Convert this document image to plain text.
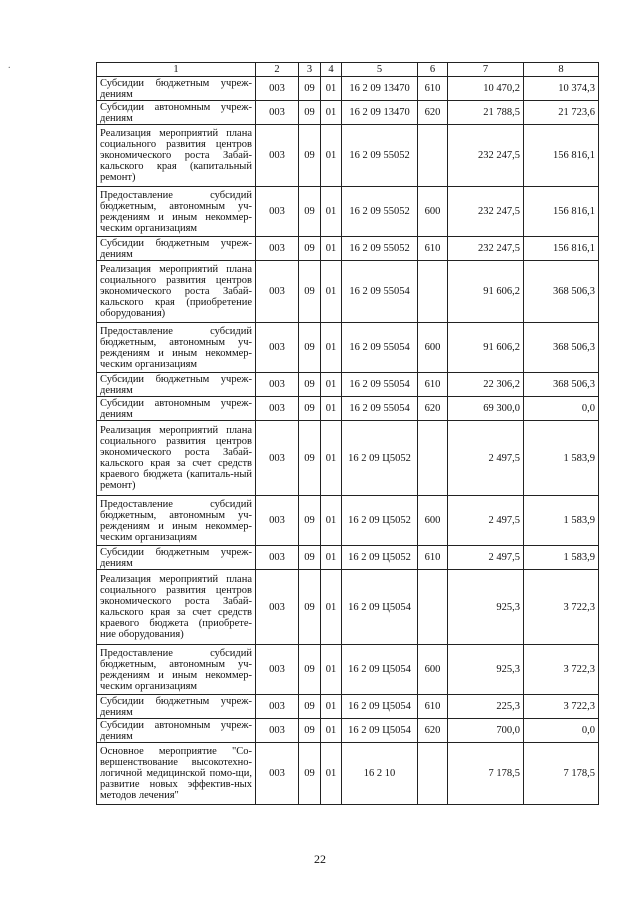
.	1	2	3	4	5	6	7	8
Субсидии бюджетным учреж-дениям	003	09	01	16 2 09 13470	610	10 470,2	10 374,3
Субсидии автономным учреж-дениям	003	09	01	16 2 09 13470	620	21 788,5	21 723,6
Реализация мероприятий плана социального развития центров экономического роста Забай-кальского края (капитальный ремонт)	003	09	01	16 2 09 55052		232 247,5	156 816,1
Предоставление субсидий бюджетным, автономным уч-реждениям и иным некоммер-ческим организациям	003	09	01	16 2 09 55052	600	232 247,5	156 816,1
Субсидии бюджетным учреж-дениям	003	09	01	16 2 09 55052	610	232 247,5	156 816,1
Реализация мероприятий плана социального развития центров экономического роста Забай-кальского края (приобретение оборудования)	003	09	01	16 2 09 55054		91 606,2	368 506,3
Предоставление субсидий бюджетным, автономным уч-реждениям и иным некоммер-ческим организациям	003	09	01	16 2 09 55054	600	91 606,2	368 506,3
Субсидии бюджетным учреж-дениям	003	09	01	16 2 09 55054	610	22 306,2	368 506,3
Субсидии автономным учреж-дениям	003	09	01	16 2 09 55054	620	69 300,0	0,0
Реализация мероприятий плана социального развития центров экономического роста Забай-кальского края за счет средств краевого бюджета (капиталь-ный ремонт)	003	09	01	16 2 09 Ц5052		2 497,5	1 583,9
Предоставление субсидий бюджетным, автономным уч-реждениям и иным некоммер-ческим организациям	003	09	01	16 2 09 Ц5052	600	2 497,5	1 583,9
Субсидии бюджетным учреж-дениям	003	09	01	16 2 09 Ц5052	610	2 497,5	1 583,9
Реализация мероприятий плана социального развития центров экономического роста Забай-кальского края за счет средств краевого бюджета (приобрете-ние оборудования)	003	09	01	16 2 09 Ц5054		925,3	3 722,3
Предоставление субсидий бюджетным, автономным уч-реждениям и иным некоммер-ческим организациям	003	09	01	16 2 09 Ц5054	600	925,3	3 722,3
Субсидии бюджетным учреж-дениям	003	09	01	16 2 09 Ц5054	610	225,3	3 722,3
Субсидии автономным учреж-дениям	003	09	01	16 2 09 Ц5054	620	700,0	0,0
Основное мероприятие "Со-вершенствование высокотехно-логичной медицинской помо-щи, развитие новых эффектив-ных методов лечения"	003	09	01	16 2 10		7 178,5	7 178,5
22
